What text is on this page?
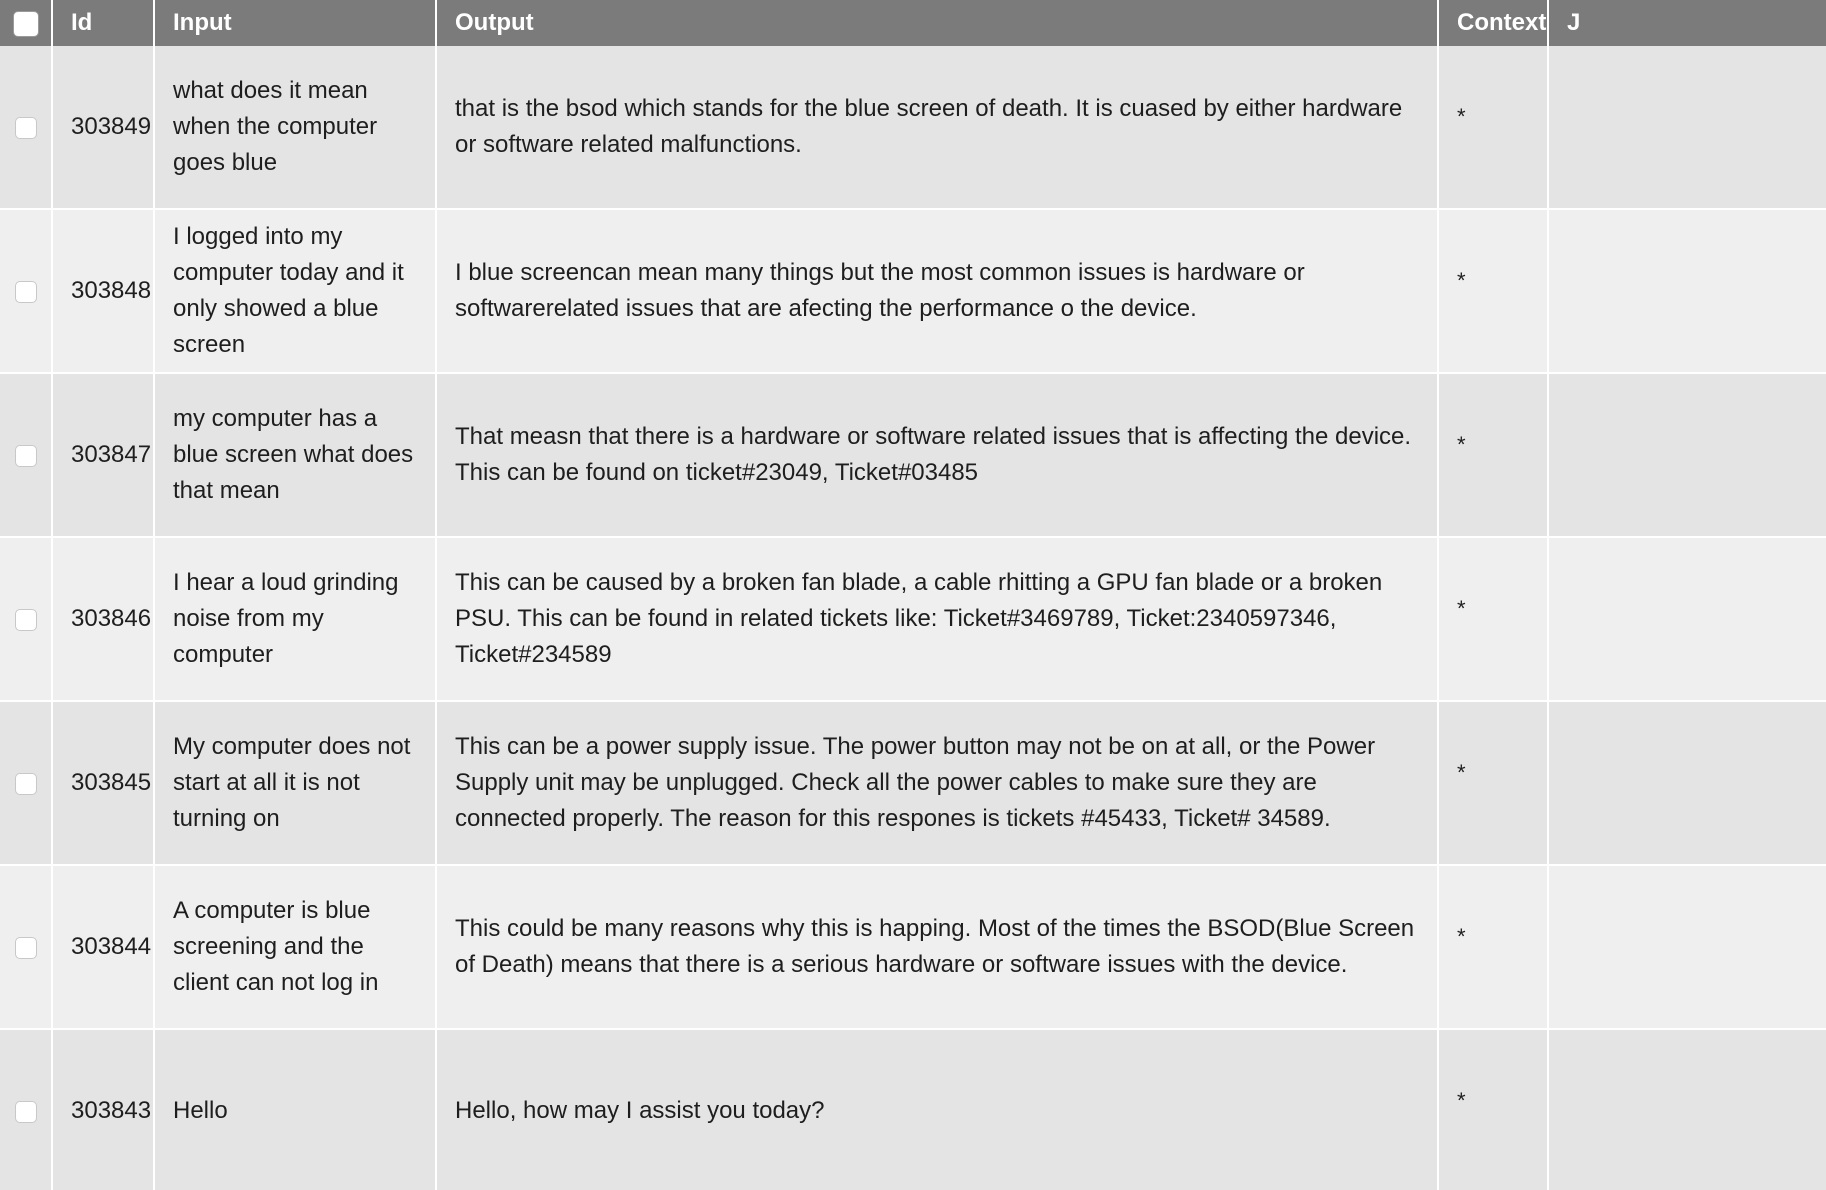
	Id	Input	Output	Context	J
	303849	what does it mean when the computer goes blue	that is the bsod which stands for the blue screen of death. It is cuased by either hardware or software related malfunctions.	*	
	303848	I logged into my computer today and it only showed a blue screen	I blue screencan mean many things but the most common issues is hardware or softwarerelated issues that are afecting the performance o the device.	*	
	303847	my computer has a blue screen what does that mean	That measn that there is a hardware or software related issues that is affecting the device. This can be found on ticket#23049, Ticket#03485	*	
	303846	I hear a loud grinding noise from my computer	This can be caused by a broken fan blade, a cable rhitting a GPU fan blade or a broken PSU. This can be found in related tickets like: Ticket#3469789, Ticket:2340597346, Ticket#234589	*	
	303845	My computer does not start at all it is not turning on	This can be a power supply issue. The power button may not be on at all, or the Power Supply unit may be unplugged. Check all the power cables to make sure they are connected properly. The reason for this respones is tickets #45433, Ticket# 34589.	*	
	303844	A computer is blue screening and the client can not log in	This could be many reasons why this is happing. Most of the times the BSOD(Blue Screen of Death) means that there is a serious hardware or software issues with the device.	*	
	303843	Hello	Hello, how may I assist you today?	*	
